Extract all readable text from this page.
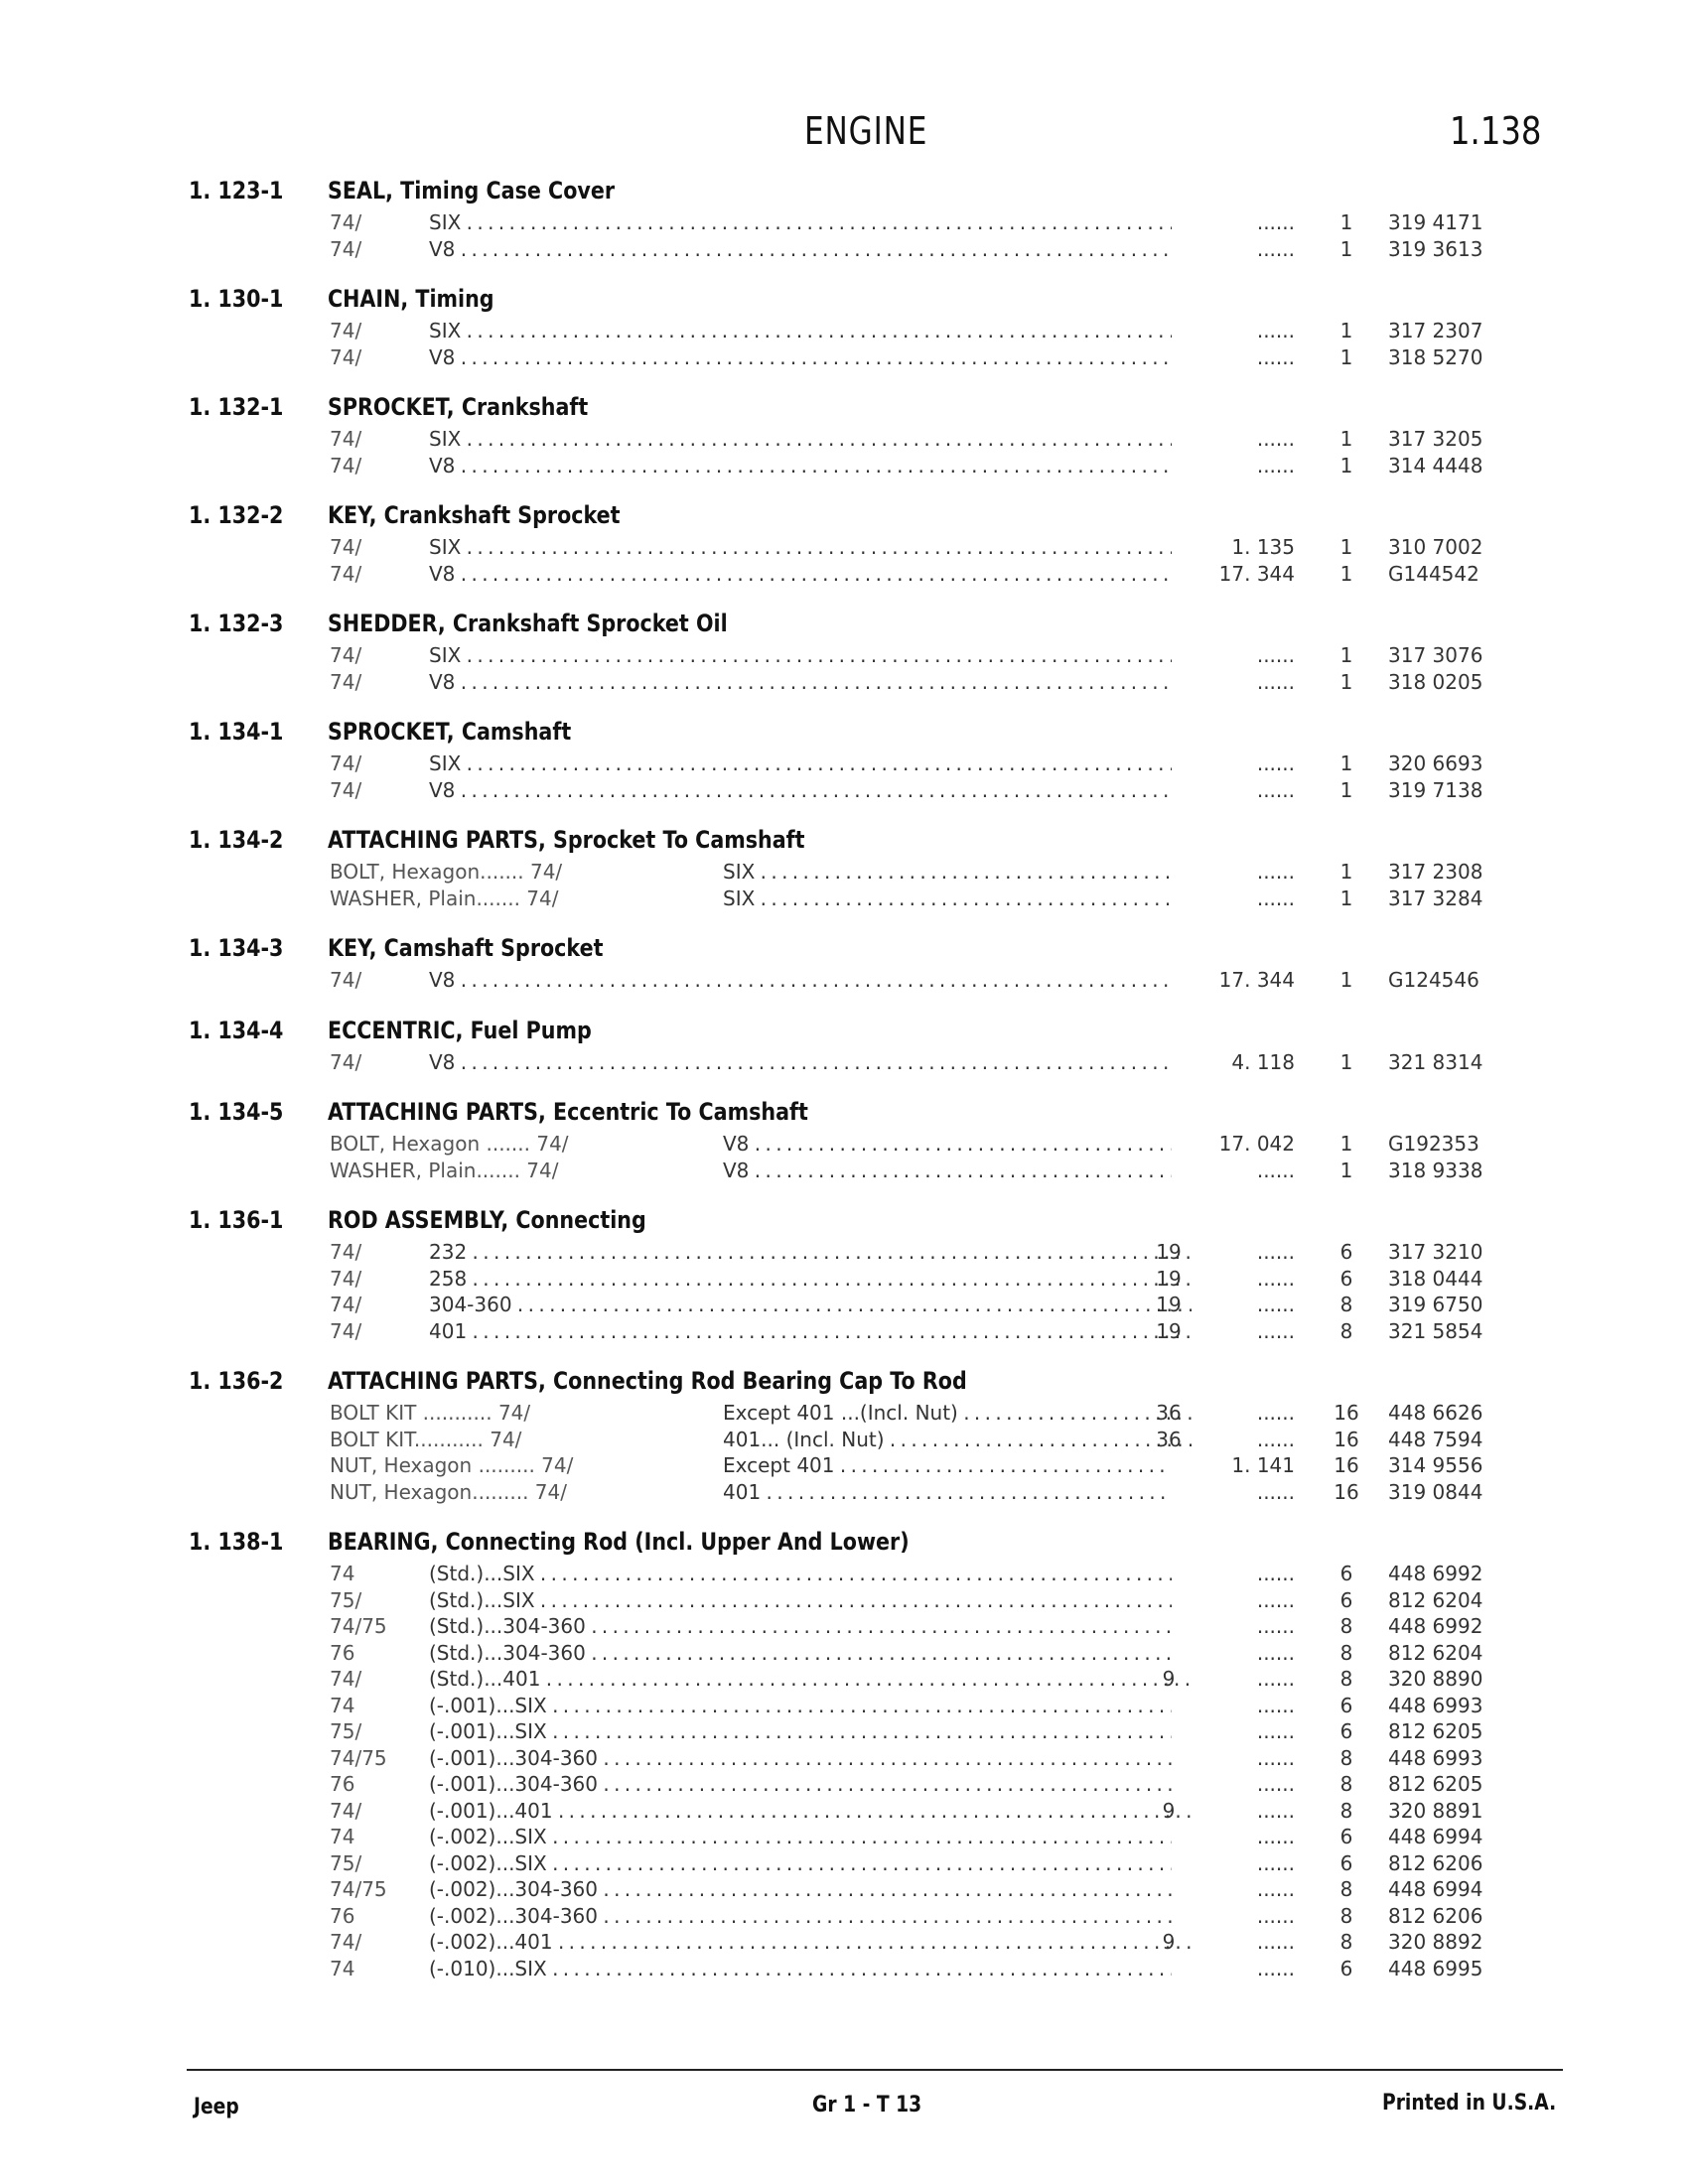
ENGINE	1.138
1. 123-1 SEAL, Timing Case Cover
74/	SIX . . .	......	1	319 4171
74/	V8 . . .	......	1	319 3613
1. 130-1 CHAIN, Timing
74/	SIX . . .	......	1	317 2307
74/	V8 . . .	......	1	318 5270
1. 132-1 SPROCKET, Crankshaft
74/	SIX . . .	......	1	317 3205
74/	V8 . . .	......	1	314 4448
1. 132-2 KEY, Crankshaft Sprocket
74/	SIX . . .	1. 135	1	310 7002
74/	V8 . . .	17. 344	1	G144542
1. 132-3 SHEDDER, Crankshaft Sprocket Oil
74/	SIX . . .	......	1	317 3076
74/	V8 . . .	......	1	318 0205
1. 134-1 SPROCKET, Camshaft
74/	SIX . . .	......	1	320 6693
74/	V8 . . .	......	1	319 7138
1. 134-2 ATTACHING PARTS, Sprocket To Camshaft
BOLT, Hexagon....... 74/	SIX . . .	......	1	317 2308
WASHER, Plain....... 74/	SIX . . .	......	1	317 3284
1. 134-3 KEY, Camshaft Sprocket
74/	V8 . . .	17. 344	1	G124546
1. 134-4 ECCENTRIC, Fuel Pump
74/	V8 . . .	4. 118	1	321 8314
1. 134-5 ATTACHING PARTS, Eccentric To Camshaft
BOLT, Hexagon ....... 74/	V8 . . .	17. 042	1	G192353
WASHER, Plain....... 74/	V8 . . .	......	1	318 9338
1. 136-1 ROD ASSEMBLY, Connecting
74/	232 . . .	19	......	6	317 3210
74/	258 . . .	19	......	6	318 0444
74/	304-360 . . .	19	......	8	319 6750
74/	401 . . .	19	......	8	321 5854
1. 136-2 ATTACHING PARTS, Connecting Rod Bearing Cap To Rod
BOLT KIT ........... 74/	Except 401 ...(Incl. Nut) . . .	36	......	16	448 6626
BOLT KIT........... 74/	401... (Incl. Nut) . . .	36	......	16	448 7594
NUT, Hexagon ......... 74/	Except 401 . . .	1. 141	16	314 9556
NUT, Hexagon......... 74/	401 . . .	......	16	319 0844
1. 138-1 BEARING, Connecting Rod (Incl. Upper And Lower)
74	(Std.)...SIX . . .	......	6	448 6992
75/	(Std.)...SIX . . .	......	6	812 6204
74/75 (Std.)...304-360 . . .	......	8	448 6992
76	(Std.)...304-360 . . .	......	8	812 6204
74/	(Std.)...401 . . .	9	......	8	320 8890
74	(-.001)...SIX . . .	......	6	448 6993
75/	(-.001)...SIX . . .	......	6	812 6205
74/75 (-.001)...304-360 . . .	......	8	448 6993
76	(-.001)...304-360 . . .	......	8	812 6205
74/	(-.001)...401 . . .	9	......	8	320 8891
74	(-.002)...SIX . . .	......	6	448 6994
75/	(-.002)...SIX . . .	......	6	812 6206
74/75 (-.002)...304-360 . . .	......	8	448 6994
76	(-.002)...304-360 . . .	......	8	812 6206
74/	(-.002)...401 . . .	9	......	8	320 8892
74	(-.010)...SIX . . .	......	6	448 6995
Jeep	Gr 1 - T 13	Printed in U.S.A.
